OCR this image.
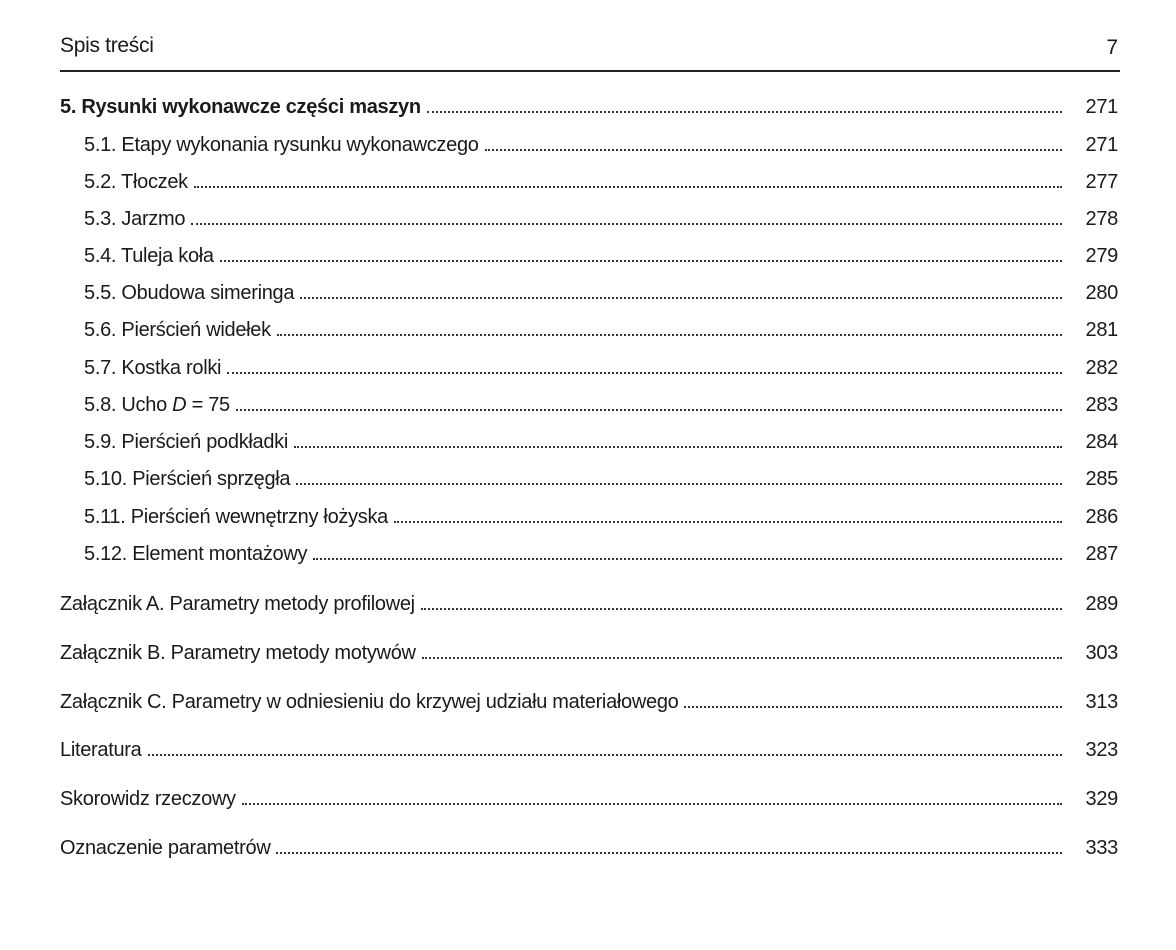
Spis treści	7
5. Rysunki wykonawcze części maszyn	271
5.1. Etapy wykonania rysunku wykonawczego	271
5.2. Tłoczek	277
5.3. Jarzmo	278
5.4. Tuleja koła	279
5.5. Obudowa simeringa	280
5.6. Pierścień widełek	281
5.7. Kostka rolki	282
5.8. Ucho D = 75	283
5.9. Pierścień podkładki	284
5.10. Pierścień sprzęgła	285
5.11. Pierścień wewnętrzny łożyska	286
5.12. Element montażowy	287
Załącznik A. Parametry metody profilowej	289
Załącznik B. Parametry metody motywów	303
Załącznik C. Parametry w odniesieniu do krzywej udziału materiałowego	313
Literatura	323
Skorowidz rzeczowy	329
Oznaczenie parametrów	333
